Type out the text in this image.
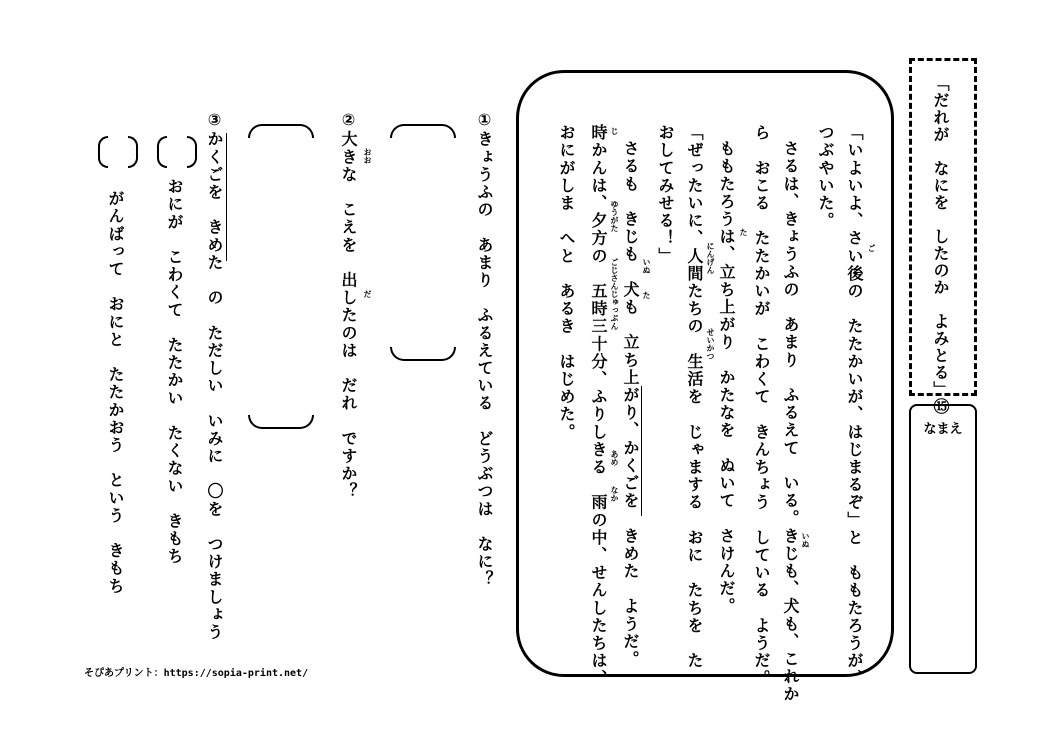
「だれが　なにを　したのか　よみとる」⑮
なまえ
「いよいよ、さい後の　たたかいが、はじまるぞ」と　ももたろうが、
つぶやいた。
さるは、きょうふの　あまり　ふるえて　いる。きじも、犬も、これか
ら　おこる　たたかいが　こわくて　きんちょう　している　ようだ。
ももたろうは、立ち上がり　かたなを　ぬいて　さけんだ。
「ぜったいに、人間たちの　生活を　じゃまする　おに　たちを　た
おしてみせる！」
さるも　きじも　犬も　立ち上がり、かくごを　きめた　ようだ。
時かんは、夕方の　五時三十分、ふりしきる　雨の中、せんしたちは、
おにがしま　へと　あるき　はじめた。	ご
いぬ
た
にんげん
せいかつ
いぬ
た
じ
ゆうがた
ごじさんじゅっぷん
あめ
なか
①きょうふの　あまり　ふるえている　どうぶつは　なに？
②大きな　こえを　出したのは　だれ　ですか？ おお
だ
③かくごを　きめた　の　ただしい　いみに　〇を　つけましょう
おにが　こわくて　たたかい　たくない　きもち
がんばって　おにと　たたかおう　という　きもち
そぴあプリント：https://sopia-print.net/
